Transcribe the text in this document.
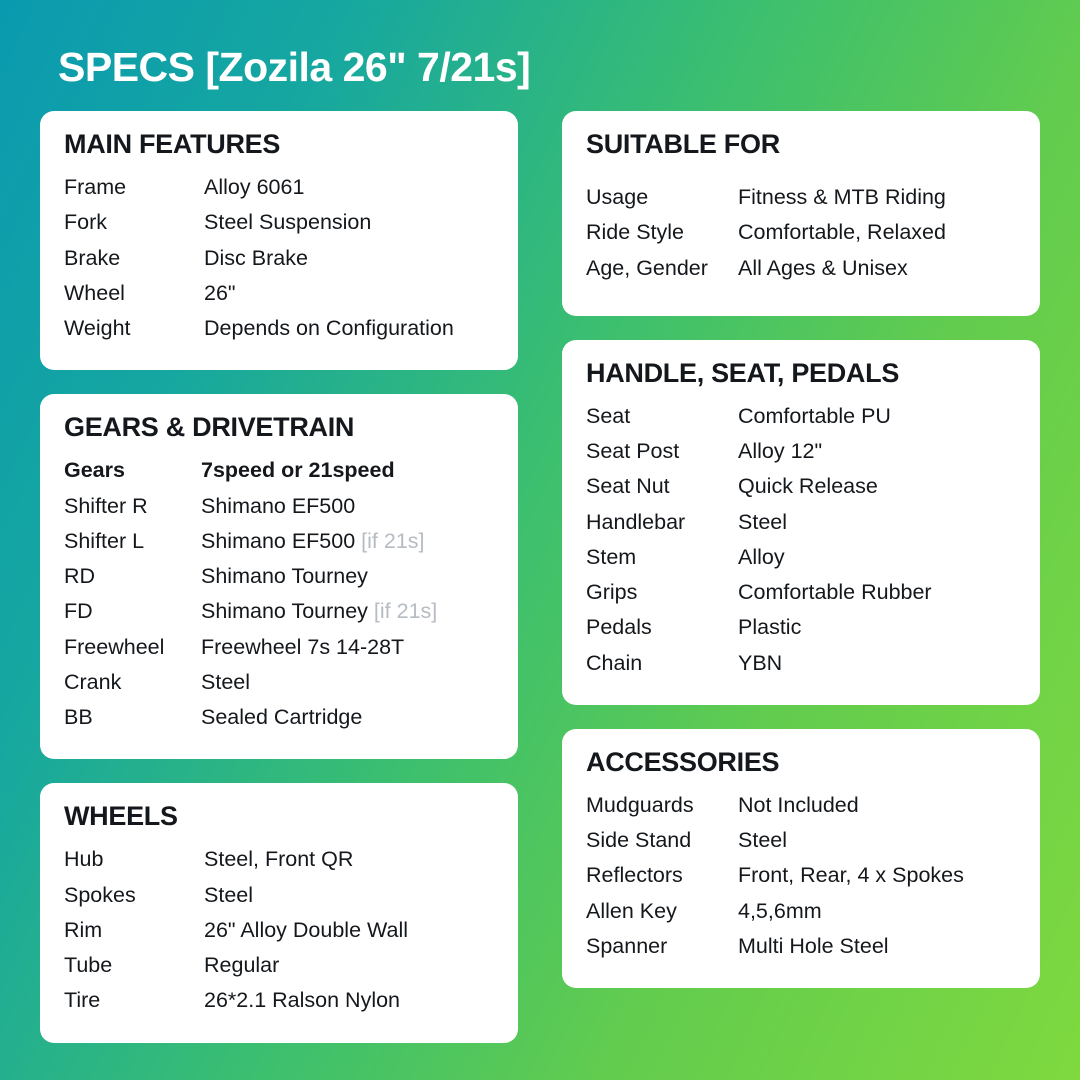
SPECS [Zozila 26" 7/21s]
MAIN FEATURES
Frame	Alloy 6061
Fork	Steel Suspension
Brake	Disc Brake
Wheel	26"
Weight	Depends on Configuration
GEARS & DRIVETRAIN
Gears	7speed or 21speed
Shifter R	Shimano EF500
Shifter L	Shimano EF500 [if 21s]
RD	Shimano Tourney
FD	Shimano Tourney [if 21s]
Freewheel	Freewheel 7s 14-28T
Crank	Steel
BB	Sealed Cartridge
WHEELS
Hub	Steel, Front QR
Spokes	Steel
Rim	26" Alloy Double Wall
Tube	Regular
Tire	26*2.1 Ralson Nylon
SUITABLE FOR
Usage	Fitness & MTB Riding
Ride Style	Comfortable, Relaxed
Age, Gender	All Ages & Unisex
HANDLE, SEAT, PEDALS
Seat	Comfortable PU
Seat Post	Alloy 12"
Seat Nut	Quick Release
Handlebar	Steel
Stem	Alloy
Grips	Comfortable Rubber
Pedals	Plastic
Chain	YBN
ACCESSORIES
Mudguards	Not Included
Side Stand	Steel
Reflectors	Front, Rear, 4 x Spokes
Allen Key	4,5,6mm
Spanner	Multi Hole Steel
